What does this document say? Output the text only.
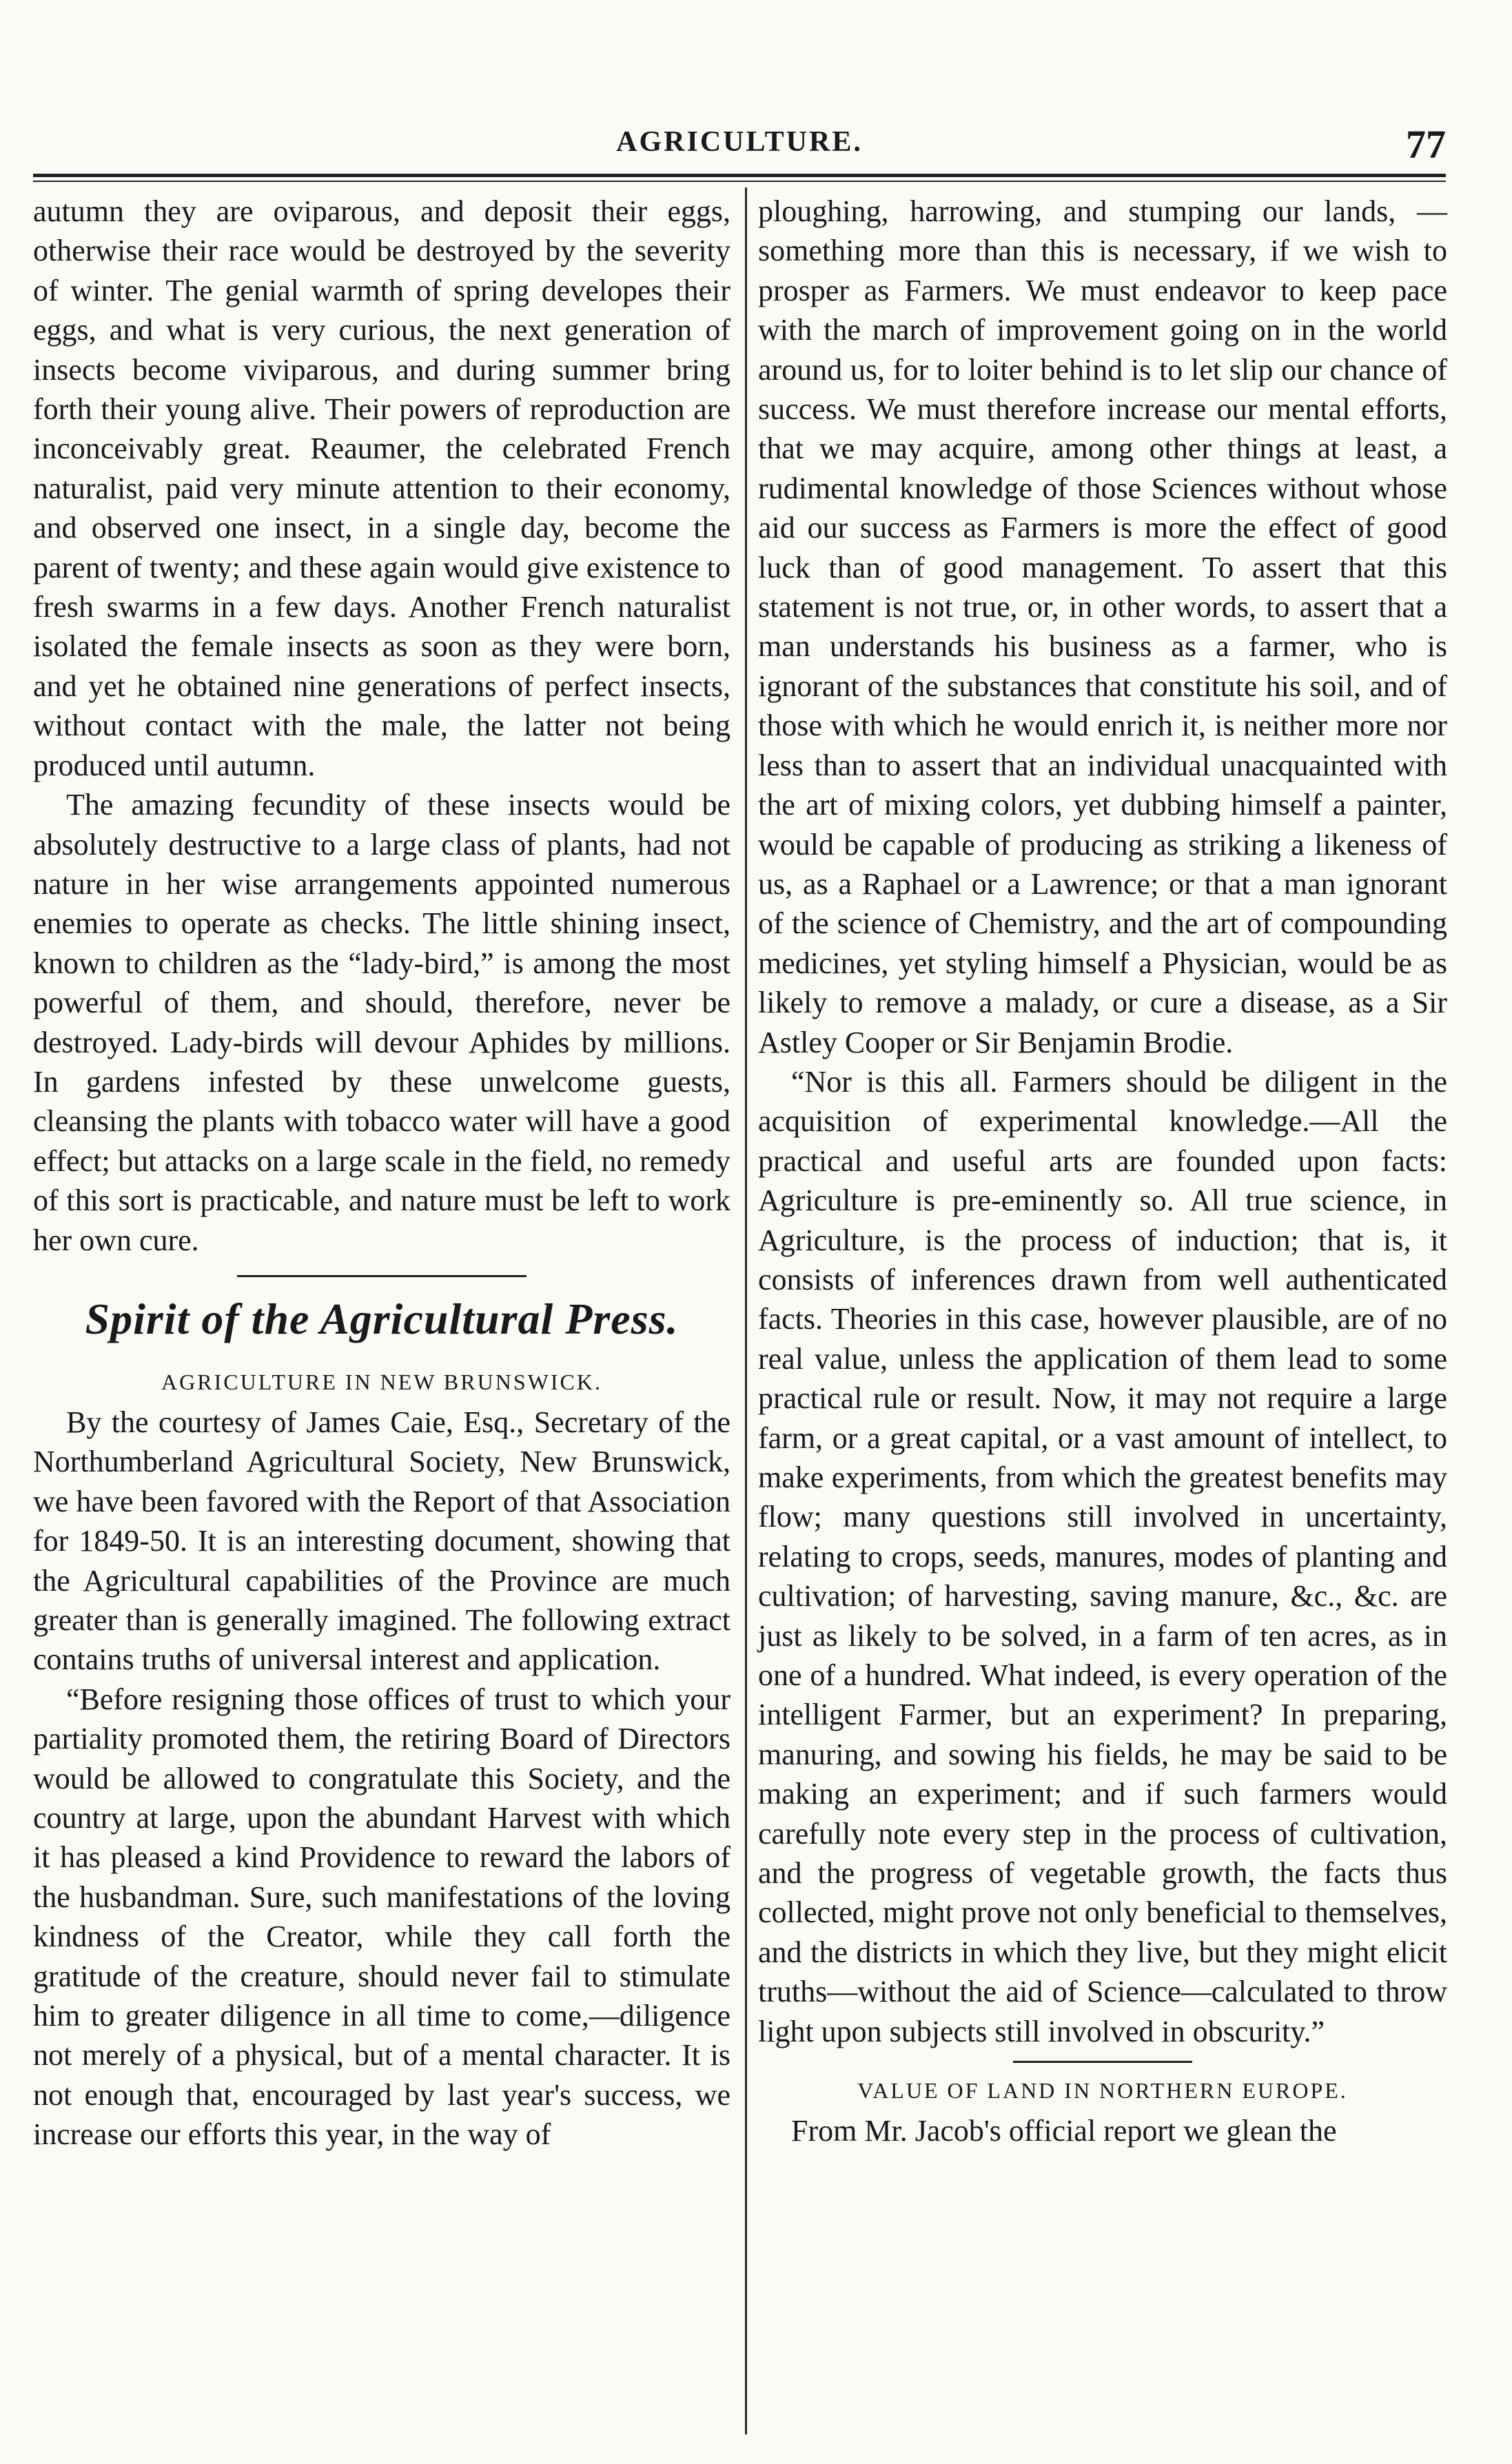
AGRICULTURE.	77

autumn they are oviparous, and deposit their eggs, otherwise their race would be destroyed by the severity of winter. The genial warmth of spring developes their eggs, and what is very curious, the next generation of insects become viviparous, and during summer bring forth their young alive. Their powers of reproduction are inconceivably great. Reaumer, the celebrated French naturalist, paid very minute attention to their economy, and observed one insect, in a single day, become the parent of twenty; and these again would give existence to fresh swarms in a few days. Another French naturalist isolated the female insects as soon as they were born, and yet he obtained nine generations of perfect insects, without contact with the male, the latter not being produced until autumn.

The amazing fecundity of these insects would be absolutely destructive to a large class of plants, had not nature in her wise arrangements appointed numerous enemies to operate as checks. The little shining insect, known to children as the “lady-bird,” is among the most powerful of them, and should, therefore, never be destroyed. Lady-birds will devour Aphides by millions. In gardens infested by these unwelcome guests, cleansing the plants with tobacco water will have a good effect; but attacks on a large scale in the field, no remedy of this sort is practicable, and nature must be left to work her own cure.

Spirit of the Agricultural Press.
AGRICULTURE IN NEW BRUNSWICK.

By the courtesy of James Caie, Esq., Secretary of the Northumberland Agricultural Society, New Brunswick, we have been favored with the Report of that Association for 1849-50. It is an interesting document, showing that the Agricultural capabilities of the Province are much greater than is generally imagined. The following extract contains truths of universal interest and application.

“Before resigning those offices of trust to which your partiality promoted them, the retiring Board of Directors would be allowed to congratulate this Society, and the country at large, upon the abundant Harvest with which it has pleased a kind Providence to reward the labors of the husbandman. Sure, such manifestations of the loving kindness of the Creator, while they call forth the gratitude of the creature, should never fail to stimulate him to greater diligence in all time to come,—diligence not merely of a physical, but of a mental character. It is not enough that, encouraged by last year's success, we increase our efforts this year, in the way of

ploughing, harrowing, and stumping our lands, —something more than this is necessary, if we wish to prosper as Farmers. We must endeavor to keep pace with the march of improvement going on in the world around us, for to loiter behind is to let slip our chance of success. We must therefore increase our mental efforts, that we may acquire, among other things at least, a rudimental knowledge of those Sciences without whose aid our success as Farmers is more the effect of good luck than of good management. To assert that this statement is not true, or, in other words, to assert that a man understands his business as a farmer, who is ignorant of the substances that constitute his soil, and of those with which he would enrich it, is neither more nor less than to assert that an individual unacquainted with the art of mixing colors, yet dubbing himself a painter, would be capable of producing as striking a likeness of us, as a Raphael or a Lawrence; or that a man ignorant of the science of Chemistry, and the art of compounding medicines, yet styling himself a Physician, would be as likely to remove a malady, or cure a disease, as a Sir Astley Cooper or Sir Benjamin Brodie.

“Nor is this all. Farmers should be diligent in the acquisition of experimental knowledge.—All the practical and useful arts are founded upon facts: Agriculture is pre-eminently so. All true science, in Agriculture, is the process of induction; that is, it consists of inferences drawn from well authenticated facts. Theories in this case, however plausible, are of no real value, unless the application of them lead to some practical rule or result. Now, it may not require a large farm, or a great capital, or a vast amount of intellect, to make experiments, from which the greatest benefits may flow; many questions still involved in uncertainty, relating to crops, seeds, manures, modes of planting and cultivation; of harvesting, saving manure, &c., &c. are just as likely to be solved, in a farm of ten acres, as in one of a hundred. What indeed, is every operation of the intelligent Farmer, but an experiment? In preparing, manuring, and sowing his fields, he may be said to be making an experiment; and if such farmers would carefully note every step in the process of cultivation, and the progress of vegetable growth, the facts thus collected, might prove not only beneficial to themselves, and the districts in which they live, but they might elicit truths—without the aid of Science—calculated to throw light upon subjects still involved in obscurity.”

VALUE OF LAND IN NORTHERN EUROPE.

From Mr. Jacob's official report we glean the
